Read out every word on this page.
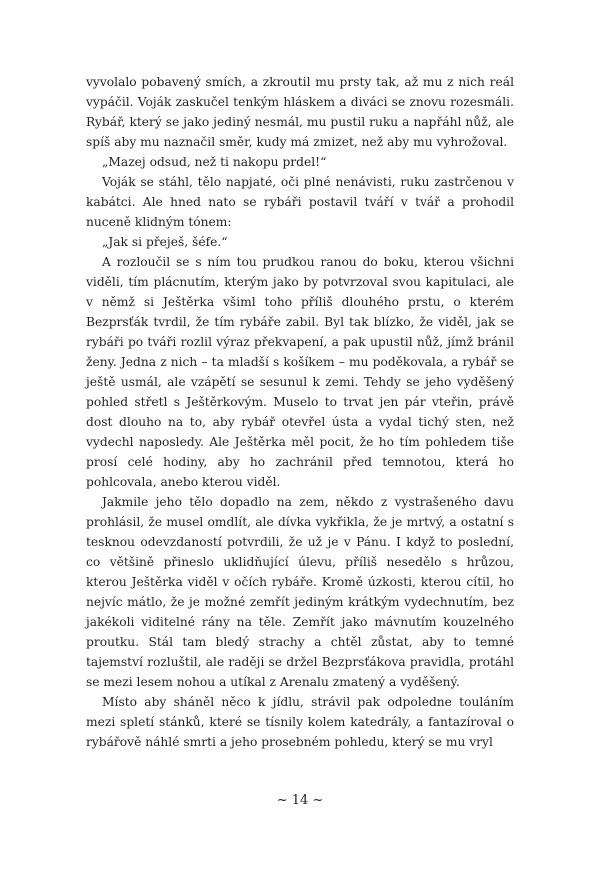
vyvolalo pobavený smích, a zkroutil mu prsty tak, až mu z nich reál vypáčil. Voják zaskučel tenkým hláskem a diváci se znovu rozesmáli. Rybář, který se jako jediný nesmál, mu pustil ruku a napřáhl nůž, ale spíš aby mu naznačil směr, kudy má zmizet, než aby mu vyhrožoval.

„Mazej odsud, než ti nakopu prdel!“

Voják se stáhl, tělo napjaté, oči plné nenávisti, ruku zastrčenou v kabátci. Ale hned nato se rybáři postavil tváří v tvář a prohodil nuceně klidným tónem:

„Jak si přeješ, šéfe.“

A rozloučil se s ním tou prudkou ranou do boku, kterou všichni viděli, tím plácnutím, kterým jako by potvrzoval svou kapitulaci, ale v němž si Ještěrka všiml toho příliš dlouhého prstu, o kterém Bezprsťák tvrdil, že tím rybáře zabil. Byl tak blízko, že viděl, jak se rybáři po tváři rozlil výraz překvapení, a pak upustil nůž, jímž bránil ženy. Jedna z nich – ta mladší s košíkem – mu poděkovala, a rybář se ještě usmál, ale vzápětí se sesunul k zemi. Tehdy se jeho vyděšený pohled střetl s Ještěrkovým. Muselo to trvat jen pár vteřin, právě dost dlouho na to, aby rybář otevřel ústa a vydal tichý sten, než vydechl naposledy. Ale Ještěrka měl pocit, že ho tím pohledem tiše prosí celé hodiny, aby ho zachránil před temnotou, která ho pohlcovala, anebo kterou viděl.

Jakmile jeho tělo dopadlo na zem, někdo z vystrašeného davu prohlásil, že musel omdlít, ale dívka vykřikla, že je mrtvý, a ostatní s tesknou odevzdaností potvrdili, že už je v Pánu. I když to poslední, co většině přineslo uklidňující úlevu, příliš nesedělo s hrůzou, kterou Ještěrka viděl v očích rybáře. Kromě úzkosti, kterou cítil, ho nejvíc mátlo, že je možné zemřít jediným krátkým vydechnutím, bez jakékoli viditelné rány na těle. Zemřít jako mávnutím kouzelného proutku. Stál tam bledý strachy a chtěl zůstat, aby to temné tajemství rozluštil, ale raději se držel Bezprsťákova pravidla, protáhl se mezi lesem nohou a utíkal z Arenalu zmatený a vyděšený.

Místo aby sháněl něco k jídlu, strávil pak odpoledne touláním mezi spletí stánků, které se tísnily kolem katedrály, a fantazíroval o rybářově náhlé smrti a jeho prosebném pohledu, který se mu vryl

~ 14 ~
